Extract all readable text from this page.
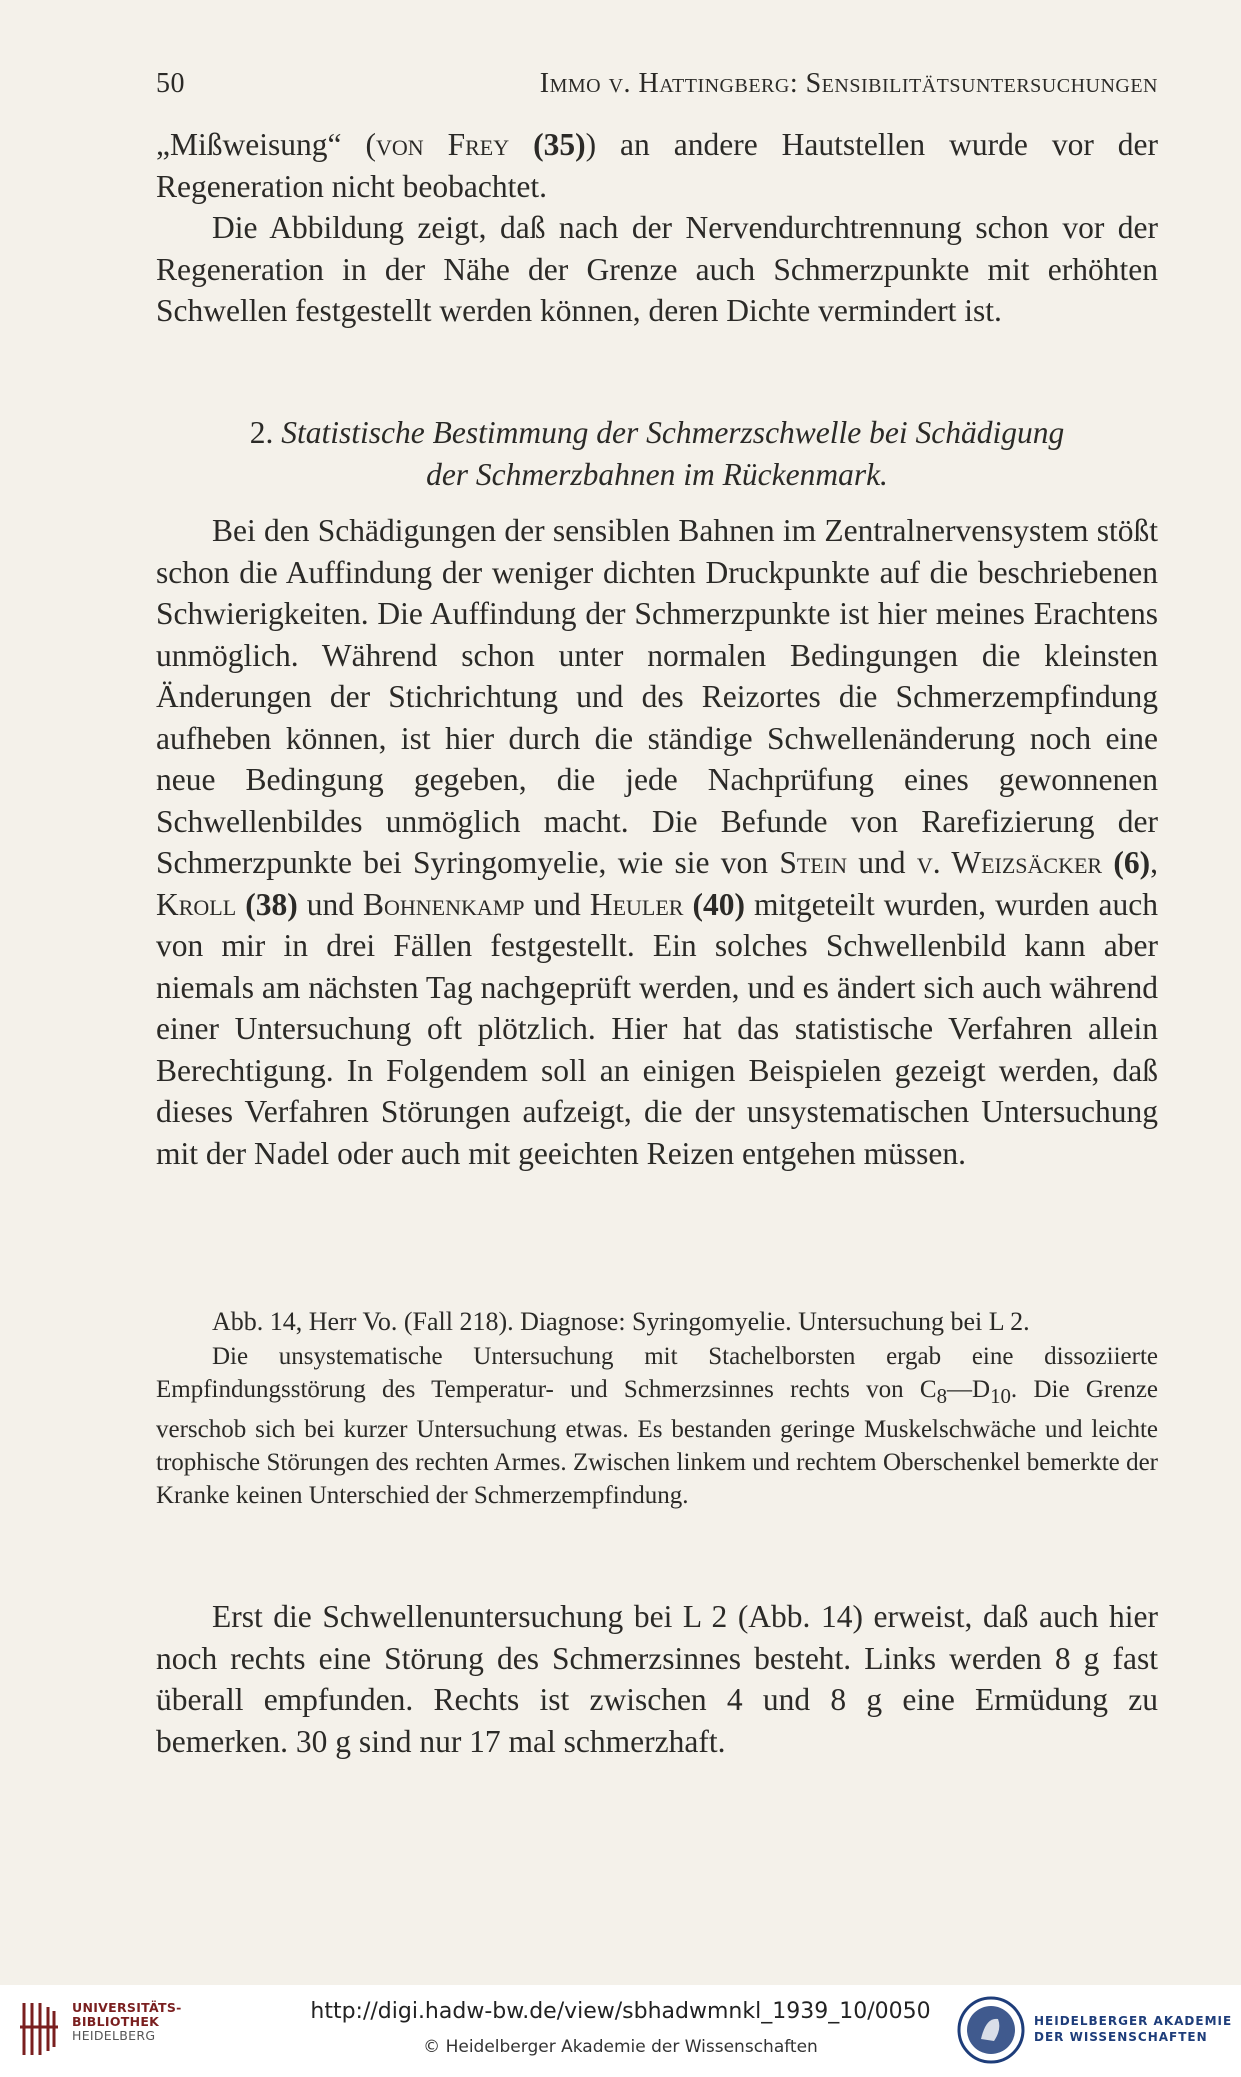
50	Immo v. Hattingberg: Sensibilitätsuntersuchungen

„Mißweisung“ (von Frey (35)) an andere Hautstellen wurde vor der Regeneration nicht beobachtet.

Die Abbildung zeigt, daß nach der Nervendurchtrennung schon vor der Regeneration in der Nähe der Grenze auch Schmerzpunkte mit erhöhten Schwellen festgestellt werden können, deren Dichte vermindert ist.

2. Statistische Bestimmung der Schmerzschwelle bei Schädigung
der Schmerzbahnen im Rückenmark.

Bei den Schädigungen der sensiblen Bahnen im Zentralnervensystem stößt schon die Auffindung der weniger dichten Druckpunkte auf die beschriebenen Schwierigkeiten. Die Auffindung der Schmerzpunkte ist hier meines Erachtens unmöglich. Während schon unter normalen Bedingungen die kleinsten Änderungen der Stichrichtung und des Reizortes die Schmerzempfindung aufheben können, ist hier durch die ständige Schwellenänderung noch eine neue Bedingung gegeben, die jede Nachprüfung eines gewonnenen Schwellenbildes unmöglich macht. Die Befunde von Rarefizierung der Schmerzpunkte bei Syringomyelie, wie sie von Stein und v. Weizsäcker (6), Kroll (38) und Bohnenkamp und Heuler (40) mitgeteilt wurden, wurden auch von mir in drei Fällen festgestellt. Ein solches Schwellenbild kann aber niemals am nächsten Tag nachgeprüft werden, und es ändert sich auch während einer Untersuchung oft plötzlich. Hier hat das statistische Verfahren allein Berechtigung. In Folgendem soll an einigen Beispielen gezeigt werden, daß dieses Verfahren Störungen aufzeigt, die der unsystematischen Untersuchung mit der Nadel oder auch mit geeichten Reizen entgehen müssen.

Abb. 14, Herr Vo. (Fall 218). Diagnose: Syringomyelie. Untersuchung bei L 2.

Die unsystematische Untersuchung mit Stachelborsten ergab eine dissoziierte Empfindungsstörung des Temperatur- und Schmerzsinnes rechts von $C_8—D_{10}$. Die Grenze verschob sich bei kurzer Untersuchung etwas. Es bestanden geringe Muskelschwäche und leichte trophische Störungen des rechten Armes. Zwischen linkem und rechtem Oberschenkel bemerkte der Kranke keinen Unterschied der Schmerzempfindung.

Erst die Schwellenuntersuchung bei L 2 (Abb. 14) erweist, daß auch hier noch rechts eine Störung des Schmerzsinnes besteht. Links werden 8 g fast überall empfunden. Rechts ist zwischen 4 und 8 g eine Ermüdung zu bemerken. 30 g sind nur 17 mal schmerzhaft.

UNIVERSITÄTS-
BIBLIOTHEK
HEIDELBERG
http://digi.hadw-bw.de/view/sbhadwmnkl_1939_10/0050
© Heidelberger Akademie der Wissenschaften
HEIDELBERGER AKADEMIE
DER WISSENSCHAFTEN
